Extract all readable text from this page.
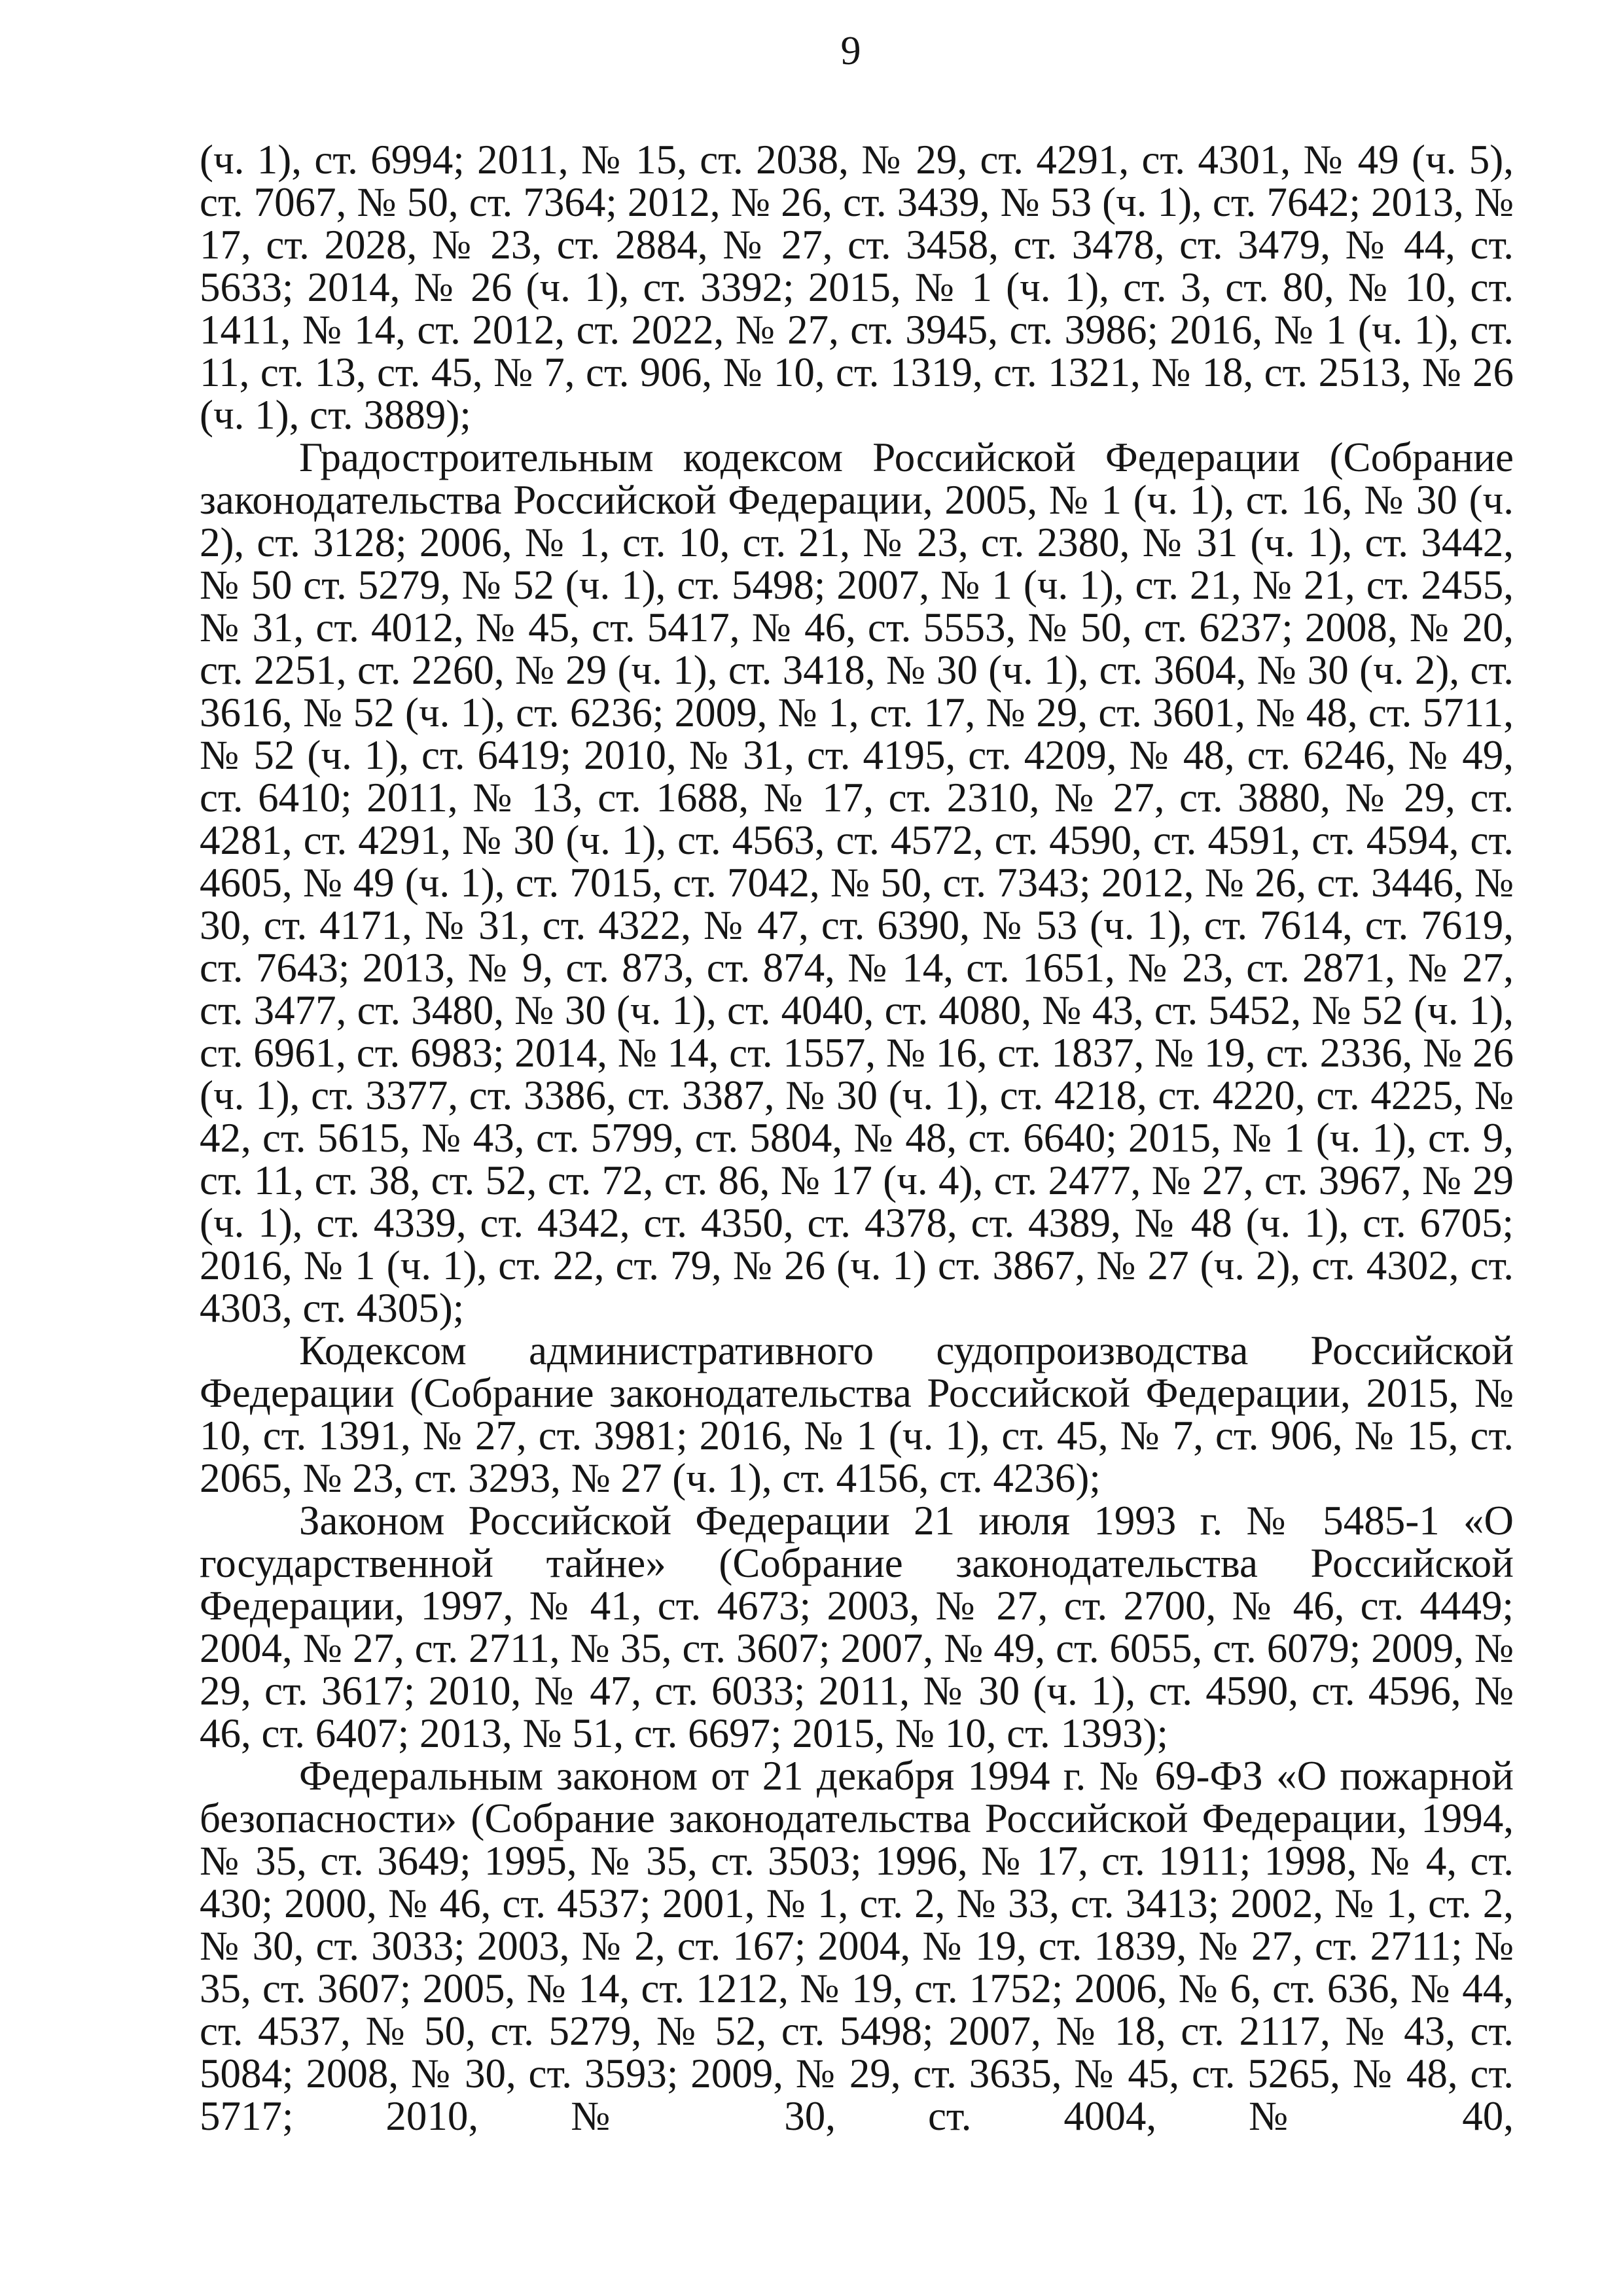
9

(ч. 1), ст. 6994; 2011, № 15, ст. 2038, № 29, ст. 4291, ст. 4301, № 49 (ч. 5), ст. 7067, № 50, ст. 7364; 2012, № 26, ст. 3439, № 53 (ч. 1), ст. 7642; 2013, № 17, ст. 2028, № 23, ст. 2884, № 27, ст. 3458, ст. 3478, ст. 3479, № 44, ст. 5633; 2014, № 26 (ч. 1), ст. 3392; 2015, № 1 (ч. 1), ст. 3, ст. 80, № 10, ст. 1411, № 14, ст. 2012, ст. 2022, № 27, ст. 3945, ст. 3986; 2016, № 1 (ч. 1), ст. 11, ст. 13, ст. 45, № 7, ст. 906, № 10, ст. 1319, ст. 1321, № 18, ст. 2513, № 26 (ч. 1), ст. 3889);

Градостроительным кодексом Российской Федерации (Собрание законодательства Российской Федерации, 2005, № 1 (ч. 1), ст. 16, № 30 (ч. 2), ст. 3128; 2006, № 1, ст. 10, ст. 21, № 23, ст. 2380, № 31 (ч. 1), ст. 3442, № 50 ст. 5279, № 52 (ч. 1), ст. 5498; 2007, № 1 (ч. 1), ст. 21, № 21, ст. 2455, № 31, ст. 4012, № 45, ст. 5417, № 46, ст. 5553, № 50, ст. 6237; 2008, № 20, ст. 2251, ст. 2260, № 29 (ч. 1), ст. 3418, № 30 (ч. 1), ст. 3604, № 30 (ч. 2), ст. 3616, № 52 (ч. 1), ст. 6236; 2009, № 1, ст. 17, № 29, ст. 3601, № 48, ст. 5711, № 52 (ч. 1), ст. 6419; 2010, № 31, ст. 4195, ст. 4209, № 48, ст. 6246, № 49, ст. 6410; 2011, № 13, ст. 1688, № 17, ст. 2310, № 27, ст. 3880, № 29, ст. 4281, ст. 4291, № 30 (ч. 1), ст. 4563, ст. 4572, ст. 4590, ст. 4591, ст. 4594, ст. 4605, № 49 (ч. 1), ст. 7015, ст. 7042, № 50, ст. 7343; 2012, № 26, ст. 3446, № 30, ст. 4171, № 31, ст. 4322, № 47, ст. 6390, № 53 (ч. 1), ст. 7614, ст. 7619, ст. 7643; 2013, № 9, ст. 873, ст. 874, № 14, ст. 1651, № 23, ст. 2871, № 27, ст. 3477, ст. 3480, № 30 (ч. 1), ст. 4040, ст. 4080, № 43, ст. 5452, № 52 (ч. 1), ст. 6961, ст. 6983; 2014, № 14, ст. 1557, № 16, ст. 1837, № 19, ст. 2336, № 26 (ч. 1), ст. 3377, ст. 3386, ст. 3387, № 30 (ч. 1), ст. 4218, ст. 4220, ст. 4225, № 42, ст. 5615, № 43, ст. 5799, ст. 5804, № 48, ст. 6640; 2015, № 1 (ч. 1), ст. 9, ст. 11, ст. 38, ст. 52, ст. 72, ст. 86, № 17 (ч. 4), ст. 2477, № 27, ст. 3967, № 29 (ч. 1), ст. 4339, ст. 4342, ст. 4350, ст. 4378, ст. 4389, № 48 (ч. 1), ст. 6705; 2016, № 1 (ч. 1), ст. 22, ст. 79, № 26 (ч. 1) ст. 3867, № 27 (ч. 2), ст. 4302, ст. 4303, ст. 4305);

Кодексом административного судопроизводства Российской Федерации (Собрание законодательства Российской Федерации, 2015, № 10, ст. 1391, № 27, ст. 3981; 2016, № 1 (ч. 1), ст. 45, № 7, ст. 906, № 15, ст. 2065, № 23, ст. 3293, № 27 (ч. 1), ст. 4156, ст. 4236);

Законом Российской Федерации 21 июля 1993 г. № 5485-1 «О государственной тайне» (Собрание законодательства Российской Федерации, 1997, № 41, ст. 4673; 2003, № 27, ст. 2700, № 46, ст. 4449; 2004, № 27, ст. 2711, № 35, ст. 3607; 2007, № 49, ст. 6055, ст. 6079; 2009, № 29, ст. 3617; 2010, № 47, ст. 6033; 2011, № 30 (ч. 1), ст. 4590, ст. 4596, № 46, ст. 6407; 2013, № 51, ст. 6697; 2015, № 10, ст. 1393);

Федеральным законом от 21 декабря 1994 г. № 69-ФЗ «О пожарной безопасности» (Собрание законодательства Российской Федерации, 1994, № 35, ст. 3649; 1995, № 35, ст. 3503; 1996, № 17, ст. 1911; 1998, № 4, ст. 430; 2000, № 46, ст. 4537; 2001, № 1, ст. 2, № 33, ст. 3413; 2002, № 1, ст. 2, № 30, ст. 3033; 2003, № 2, ст. 167; 2004, № 19, ст. 1839, № 27, ст. 2711; № 35, ст. 3607; 2005, № 14, ст. 1212, № 19, ст. 1752; 2006, № 6, ст. 636, № 44, ст. 4537, № 50, ст. 5279, № 52, ст. 5498; 2007, № 18, ст. 2117, № 43, ст. 5084; 2008, № 30, ст. 3593; 2009, № 29, ст. 3635, № 45, ст. 5265, № 48, ст. 5717; 2010, № 30, ст. 4004, № 40,
